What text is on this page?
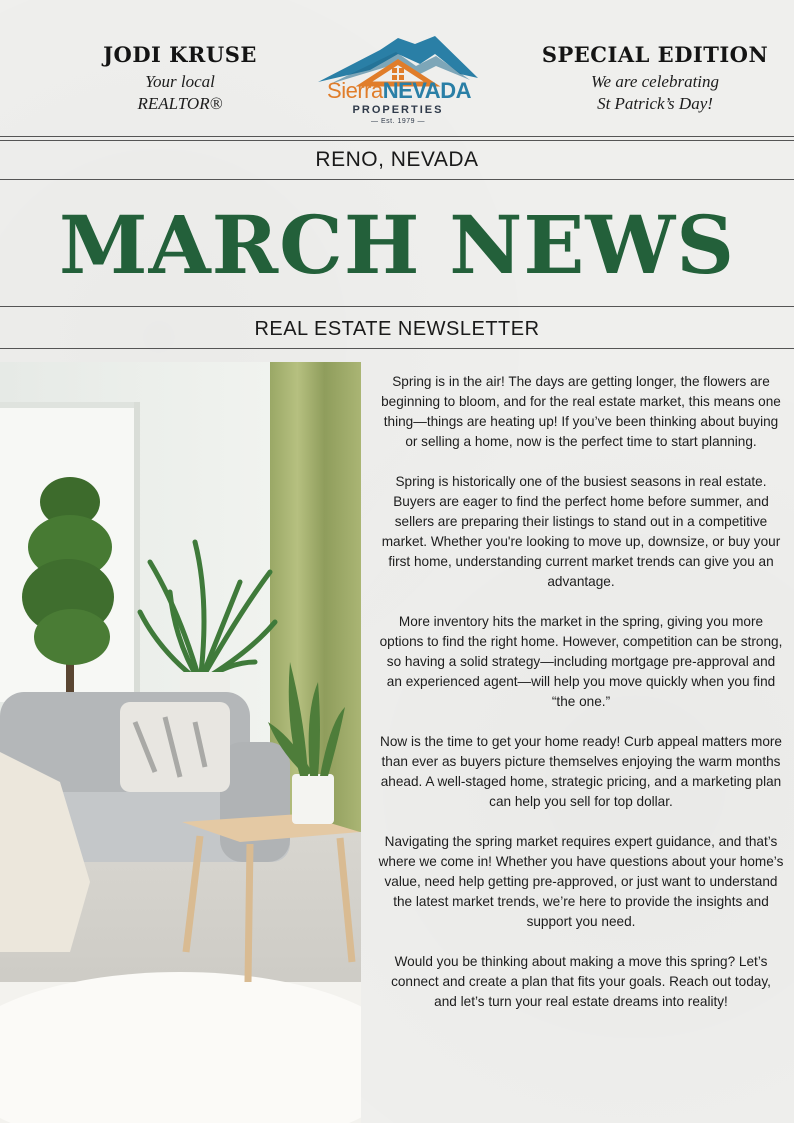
JODI KRUSE
Your local
REALTOR®
SierraNEVADA
PROPERTIES
— Est. 1979 —
SPECIAL EDITION
We are celebrating
St Patrick’s Day!
RENO, NEVADA
MARCH NEWS
REAL ESTATE NEWSLETTER

Spring is in the air! The days are getting longer, the flowers are beginning to bloom, and for the real estate market, this means one thing—things are heating up! If you’ve been thinking about buying or selling a home, now is the perfect time to start planning.

Spring is historically one of the busiest seasons in real estate. Buyers are eager to find the perfect home before summer, and sellers are preparing their listings to stand out in a competitive market. Whether you're looking to move up, downsize, or buy your first home, understanding current market trends can give you an advantage.

More inventory hits the market in the spring, giving you more options to find the right home. However, competition can be strong, so having a solid strategy—including mortgage pre-approval and an experienced agent—will help you move quickly when you find “the one.”

Now is the time to get your home ready! Curb appeal matters more than ever as buyers picture themselves enjoying the warm months ahead. A well-staged home, strategic pricing, and a marketing plan can help you sell for top dollar.

Navigating the spring market requires expert guidance, and that’s where we come in! Whether you have questions about your home’s value, need help getting pre-approved, or just want to understand the latest market trends, we’re here to provide the insights and support you need.

Would you be thinking about making a move this spring? Let’s connect and create a plan that fits your goals. Reach out today, and let’s turn your real estate dreams into reality!
